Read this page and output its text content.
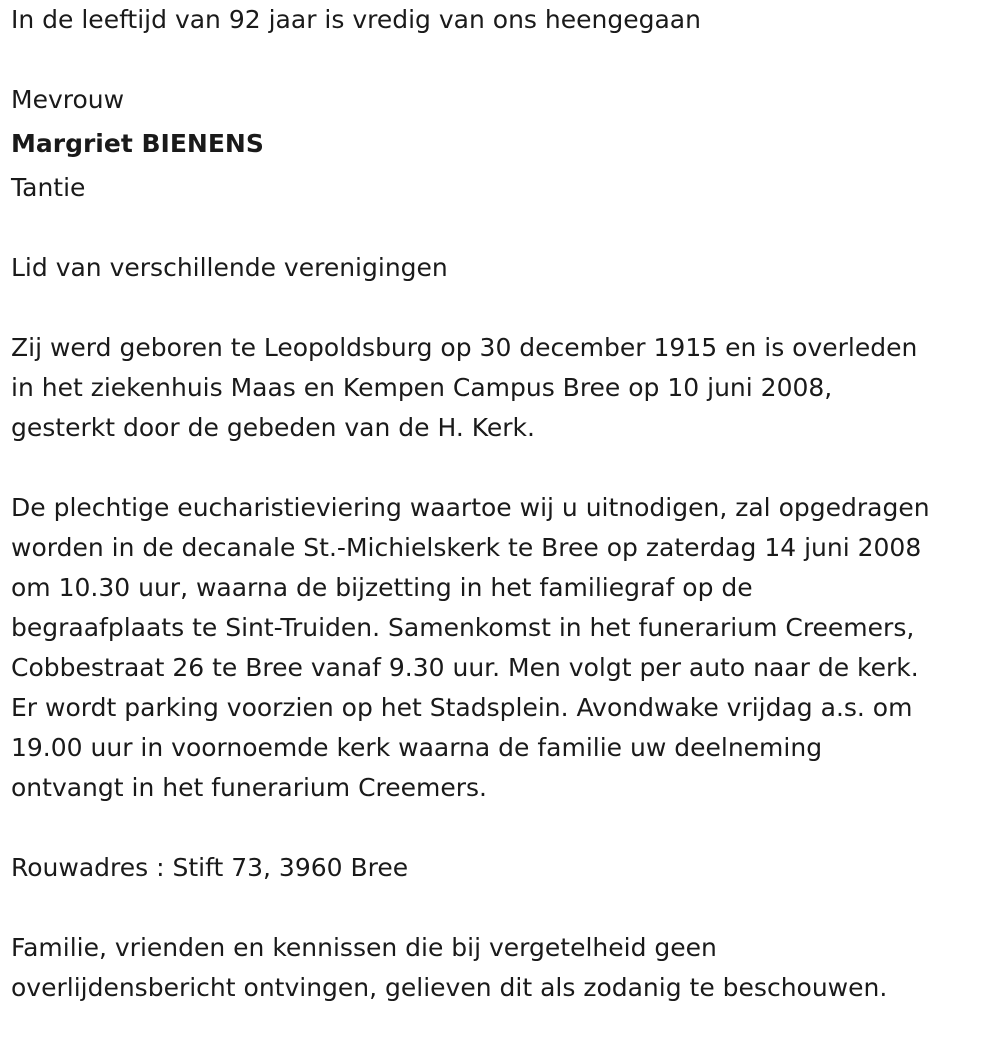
In de leeftijd van 92 jaar is vredig van ons heengegaan

Mevrouw

Margriet BIENENS

Tantie

Lid van verschillende verenigingen

Zij werd geboren te Leopoldsburg op 30 december 1915 en is overleden

in het ziekenhuis Maas en Kempen Campus Bree op 10 juni 2008,

gesterkt door de gebeden van de H. Kerk.

De plechtige eucharistieviering waartoe wij u uitnodigen, zal opgedragen

worden in de decanale St.-Michielskerk te Bree op zaterdag 14 juni 2008

om 10.30 uur, waarna de bijzetting in het familiegraf op de

begraafplaats te Sint-Truiden. Samenkomst in het funerarium Creemers,

Cobbestraat 26 te Bree vanaf 9.30 uur. Men volgt per auto naar de kerk.

Er wordt parking voorzien op het Stadsplein. Avondwake vrijdag a.s. om

19.00 uur in voornoemde kerk waarna de familie uw deelneming

ontvangt in het funerarium Creemers.

Rouwadres : Stift 73, 3960 Bree

Familie, vrienden en kennissen die bij vergetelheid geen

overlijdensbericht ontvingen, gelieven dit als zodanig te beschouwen.
